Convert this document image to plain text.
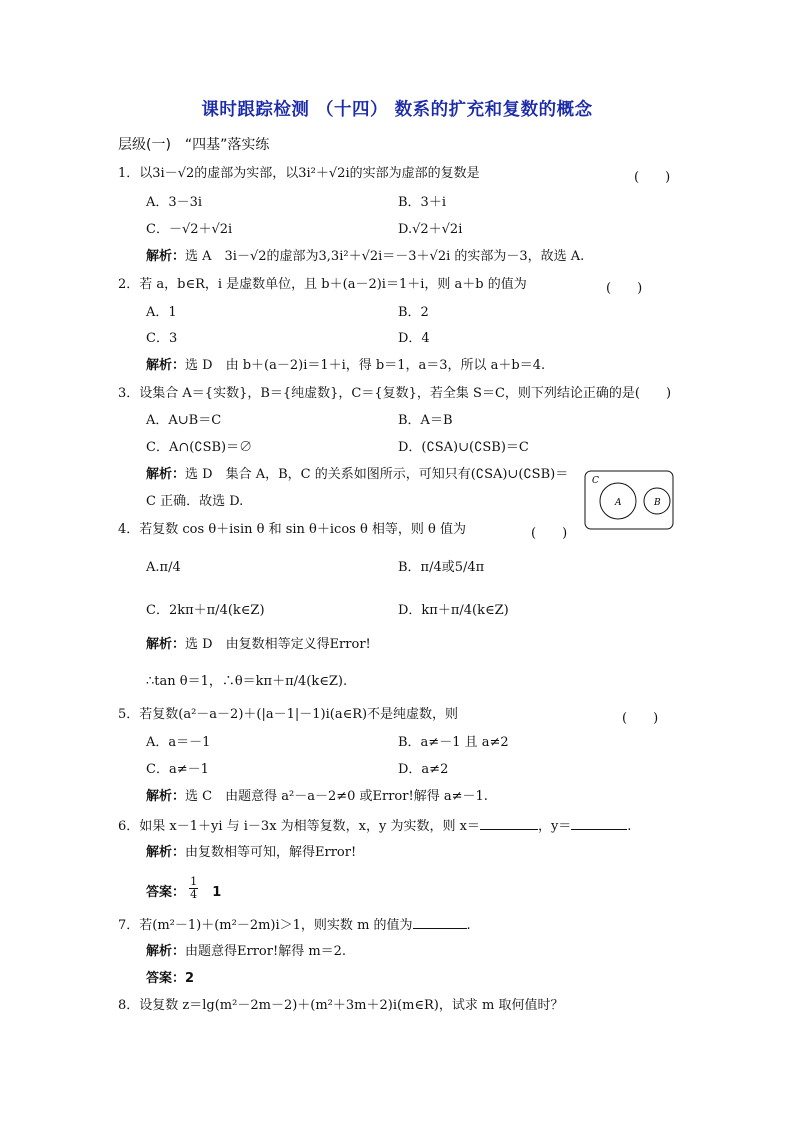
课时跟踪检测 （十四） 数系的扩充和复数的概念
层级(一)　“四基”落实练
1．以3i－√2的虚部为实部，以3i²＋√2i的实部为虚部的复数是	(　　)
A．3－3i	B．3＋i
C．－√2＋√2i	D.√2＋√2i
解析：选 A　3i－√2的虚部为3,3i²＋√2i＝－3＋√2i 的实部为－3，故选 A.
2．若 a，b∈R，i 是虚数单位，且 b＋(a－2)i＝1＋i，则 a＋b 的值为	(　　)
A．1	B．2
C．3	D．4
解析：选 D　由 b＋(a－2)i＝1＋i，得 b＝1，a＝3，所以 a＋b＝4.
3．设集合 A＝{实数}，B＝{纯虚数}，C＝{复数}，若全集 S＝C，则下列结论正确的是(　　)
A．A∪B＝C	B．A＝B
C．A∩(∁SB)＝∅	D．(∁SA)∪(∁SB)＝C
解析：选 D　集合 A，B，C 的关系如图所示，可知只有(∁SA)∪(∁SB)＝
C 正确．故选 D.
C
A	B
4．若复数 cos θ＋isin θ 和 sin θ＋icos θ 相等，则 θ 值为	(　　)
A.π/4	B．π/4或5/4π
C．2kπ＋π/4(k∈Z)	D．kπ＋π/4(k∈Z)
解析：选 D　由复数相等定义得Error!
∴tan θ＝1，∴θ＝kπ＋π/4(k∈Z).
5．若复数(a²－a－2)＋(|a－1|－1)i(a∈R)不是纯虚数，则	(　　)
A．a＝－1	B．a≠－1 且 a≠2
C．a≠－1	D．a≠2
解析：选 C　由题意得 a²－a－2≠0 或Error!解得 a≠－1.
6．如果 x－1＋yi 与 i－3x 为相等复数，x，y 为实数，则 x＝	，y＝	.
解析：由复数相等可知，解得Error!
答案： $\frac{1}{4} 1$
7．若(m²－1)＋(m²－2m)i＞1，则实数 m 的值为	.
解析：由题意得Error!解得 m＝2.
答案：2
8．设复数 z＝lg(m²－2m－2)＋(m²＋3m＋2)i(m∈R)，试求 m 取何值时？
